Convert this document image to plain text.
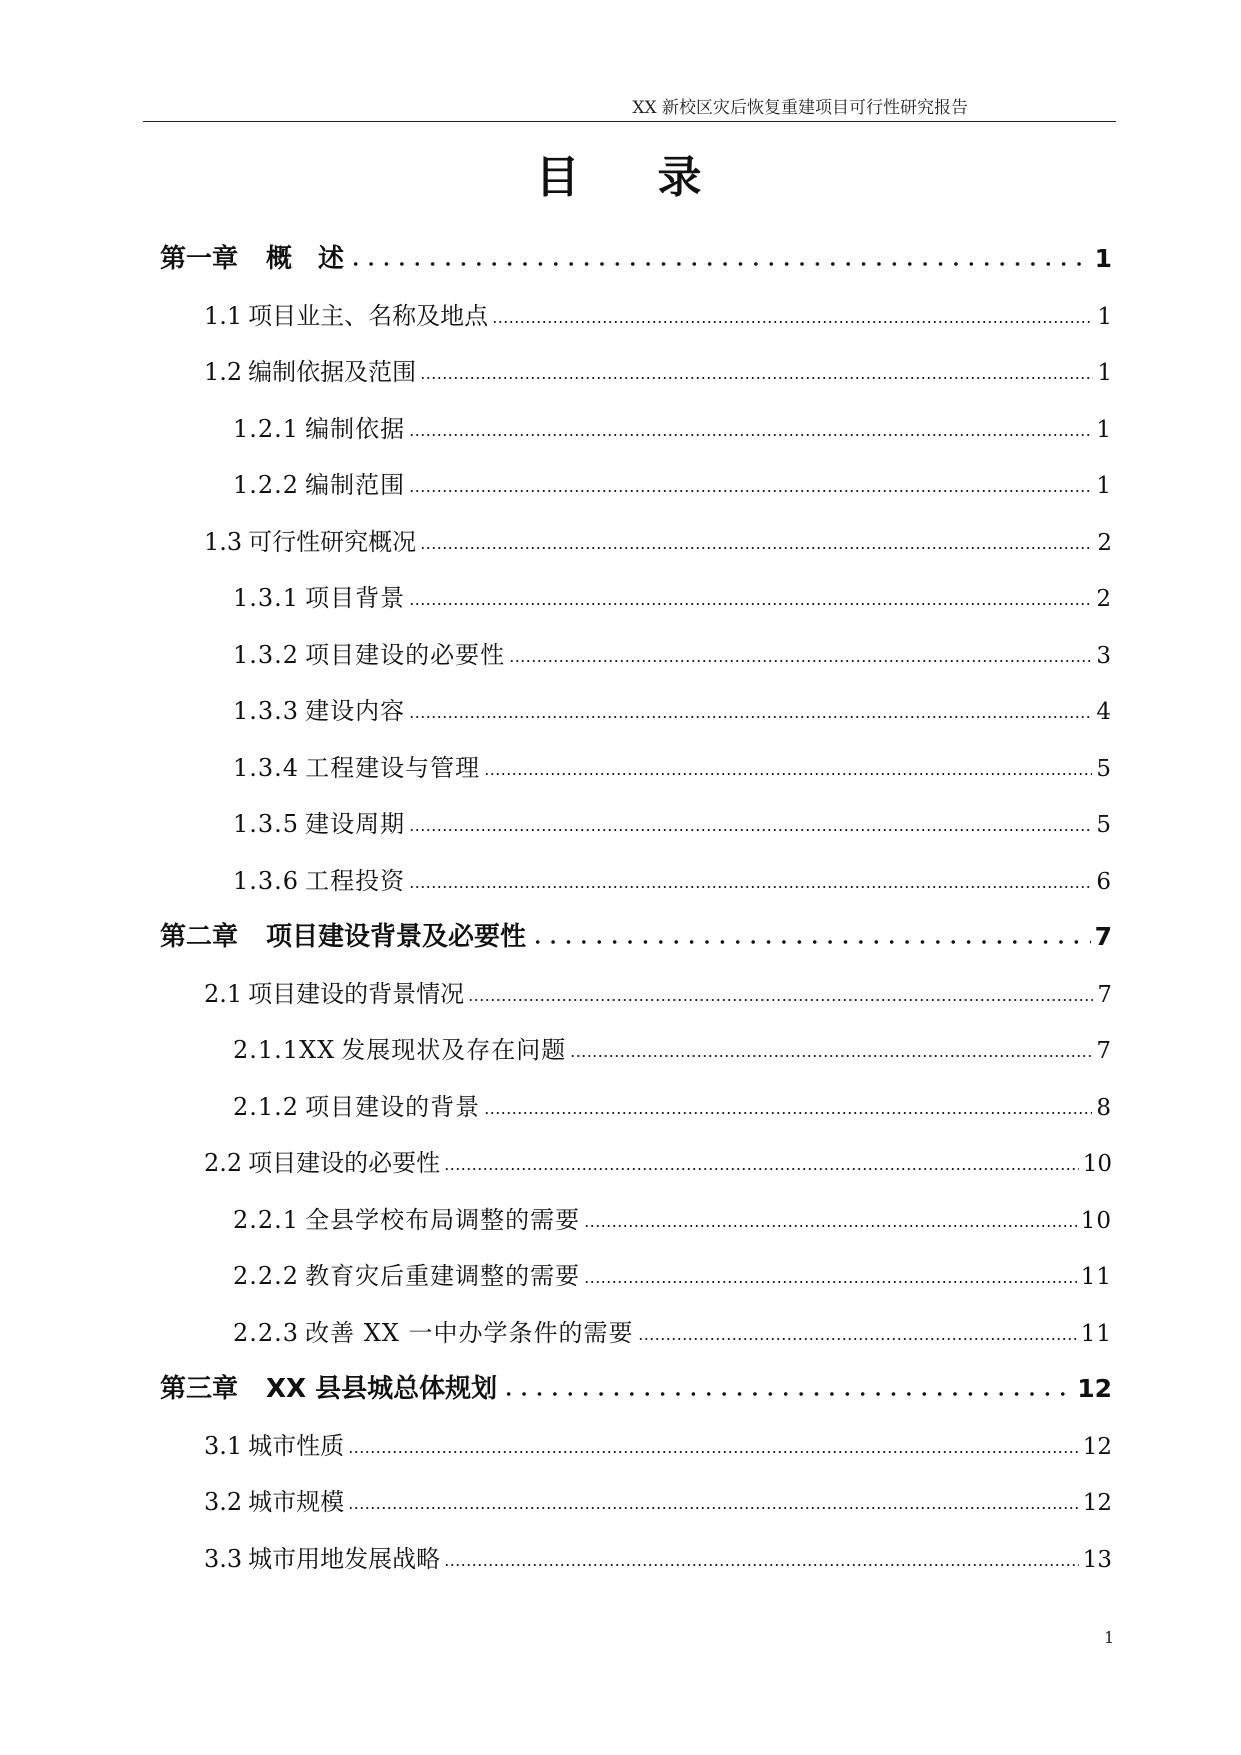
XX 新校区灾后恢复重建项目可行性研究报告
目 录
第一章 概　述	1
1.1 项目业主、名称及地点	1
1.2 编制依据及范围	1
1.2.1 编制依据	1
1.2.2 编制范围	1
1.3 可行性研究概况	2
1.3.1 项目背景	2
1.3.2 项目建设的必要性	3
1.3.3 建设内容	4
1.3.4 工程建设与管理	5
1.3.5 建设周期	5
1.3.6 工程投资	6
第二章 项目建设背景及必要性	7
2.1 项目建设的背景情况	7
2.1.1XX 发展现状及存在问题	7
2.1.2 项目建设的背景	8
2.2 项目建设的必要性	10
2.2.1 全县学校布局调整的需要	10
2.2.2 教育灾后重建调整的需要	11
2.2.3 改善 XX 一中办学条件的需要	11
第三章 XX 县县城总体规划	12
3.1 城市性质	12
3.2 城市规模	12
3.3 城市用地发展战略	13
1
